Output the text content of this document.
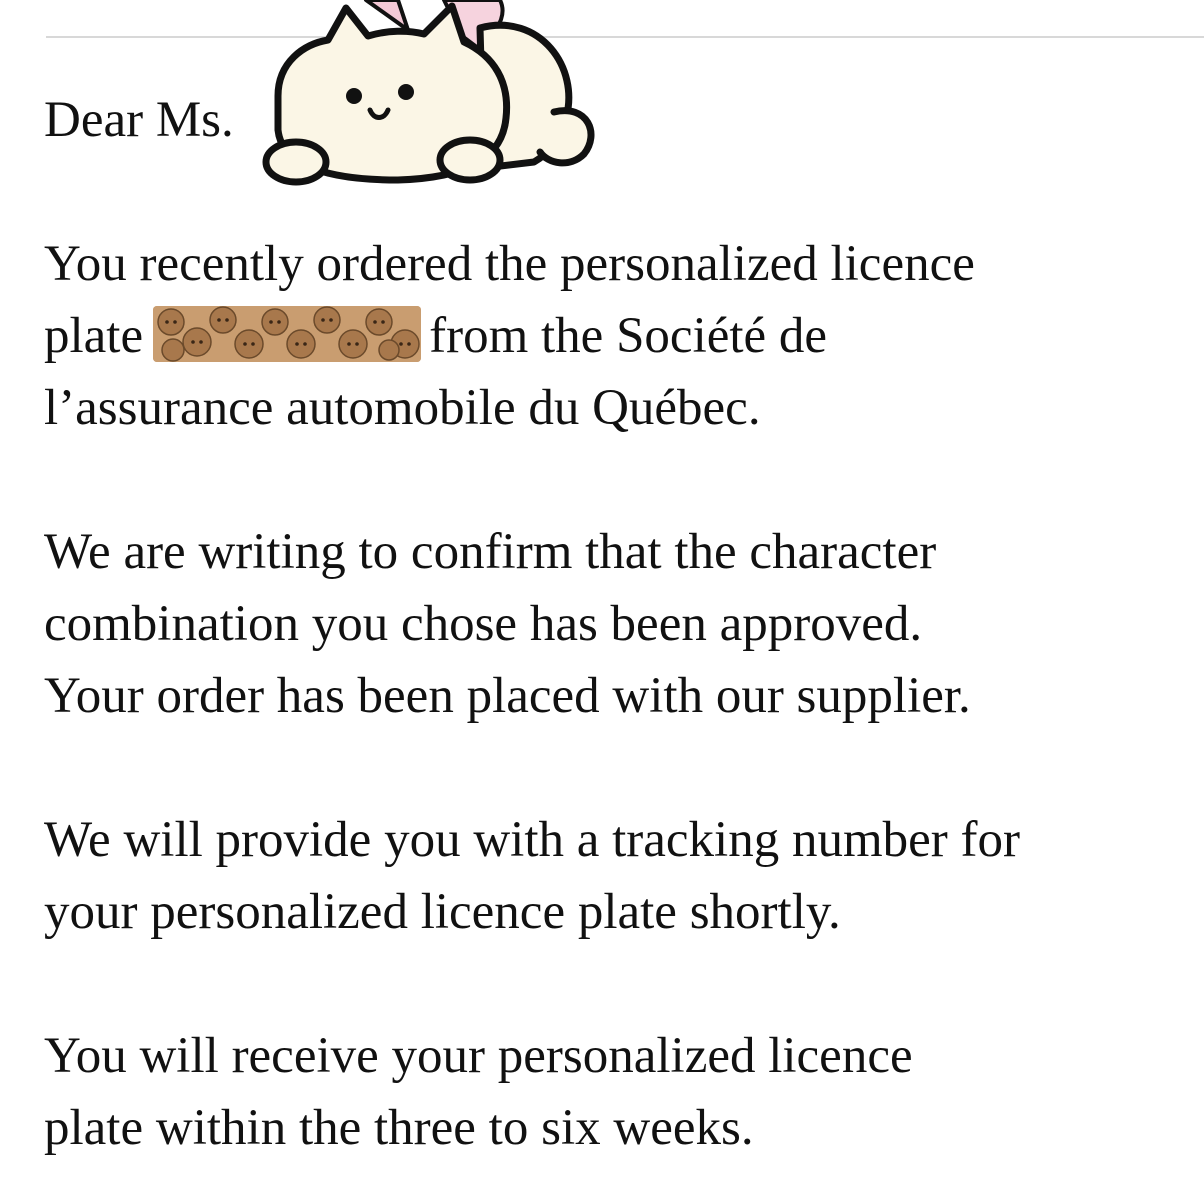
Dear Ms.

You recently ordered the personalized licence
plate	from the Société de
l’assurance automobile du Québec.

We are writing to confirm that the character
combination you chose has been approved.
Your order has been placed with our supplier.

We will provide you with a tracking number for
your personalized licence plate shortly.

You will receive your personalized licence
plate within the three to six weeks.
